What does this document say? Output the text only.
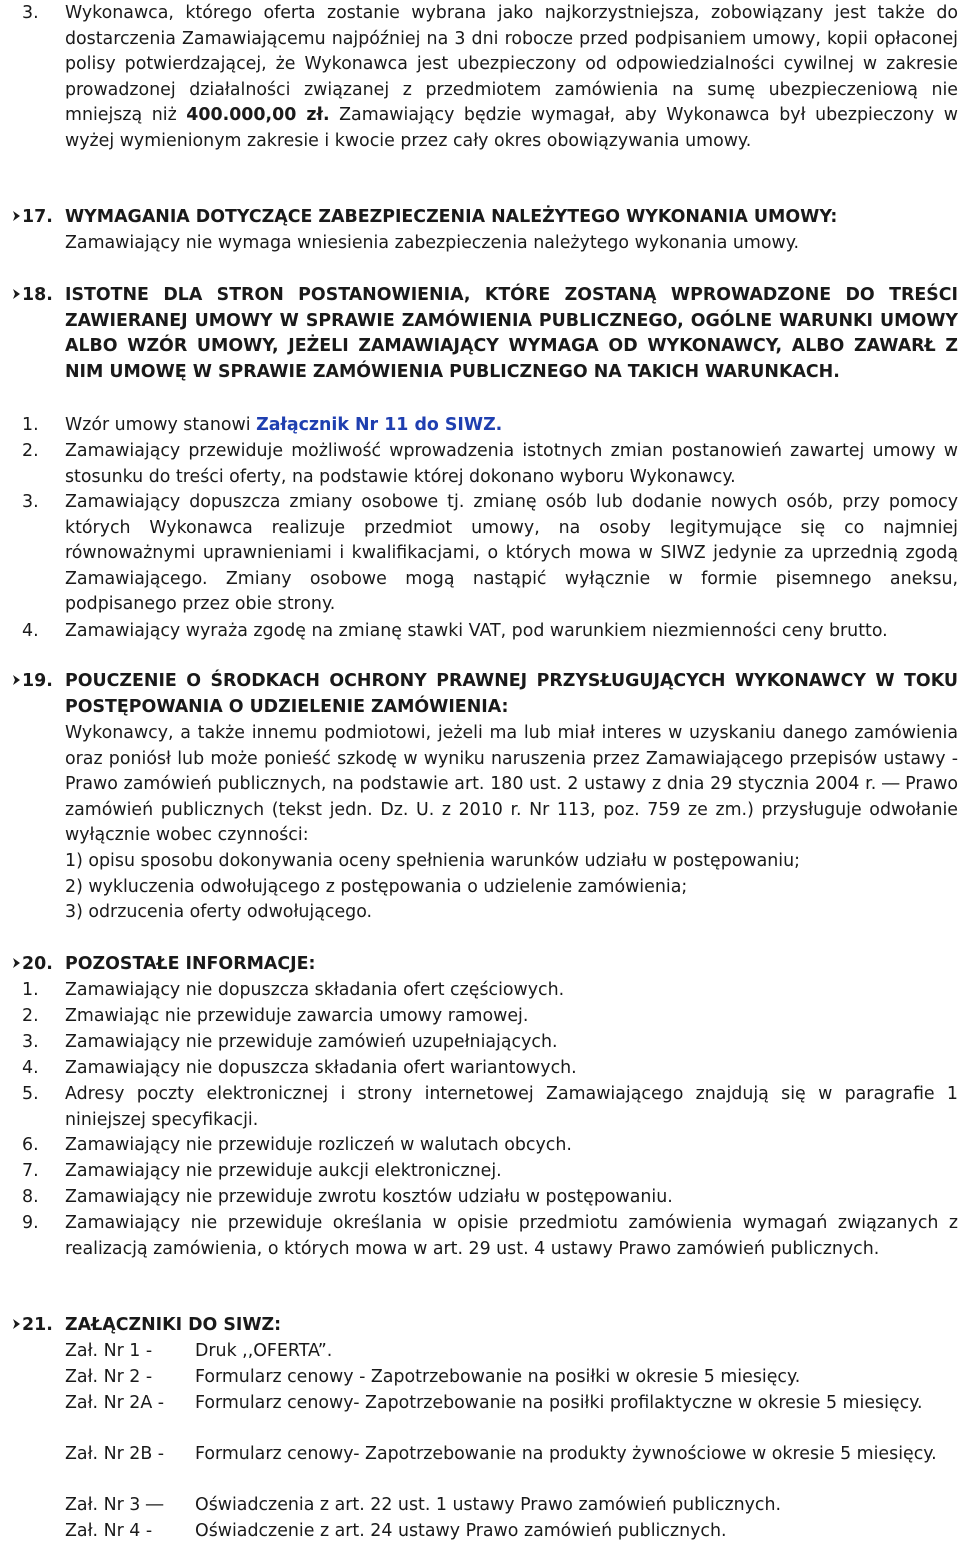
3. Wykonawca, którego oferta zostanie wybrana jako najkorzystniejsza, zobowiązany jest także do dostarczenia Zamawiającemu najpóźniej na 3 dni robocze przed podpisaniem umowy, kopii opłaconej polisy potwierdzającej, że Wykonawca jest ubezpieczony od odpowiedzialności cywilnej w zakresie prowadzonej działalności związanej z przedmiotem zamówienia na sumę ubezpieczeniową nie mniejszą niż 400.000,00 zł. Zamawiający będzie wymagał, aby Wykonawca był ubezpieczony w wyżej wymienionym zakresie i kwocie przez cały okres obowiązywania umowy.
17. WYMAGANIA DOTYCZĄCE ZABEZPIECZENIA NALEŻYTEGO WYKONANIA UMOWY:
Zamawiający nie wymaga wniesienia zabezpieczenia należytego wykonania umowy.
18. ISTOTNE DLA STRON POSTANOWIENIA, KTÓRE ZOSTANĄ WPROWADZONE DO TREŚCI ZAWIERANEJ UMOWY W SPRAWIE ZAMÓWIENIA PUBLICZNEGO, OGÓLNE WARUNKI UMOWY ALBO WZÓR UMOWY, JEŻELI ZAMAWIAJĄCY WYMAGA OD WYKONAWCY, ALBO ZAWARŁ Z NIM UMOWĘ W SPRAWIE ZAMÓWIENIA PUBLICZNEGO NA TAKICH WARUNKACH.
1. Wzór umowy stanowi Załącznik Nr 11 do SIWZ.
2. Zamawiający przewiduje możliwość wprowadzenia istotnych zmian postanowień zawartej umowy w stosunku do treści oferty, na podstawie której dokonano wyboru Wykonawcy.
3. Zamawiający dopuszcza zmiany osobowe tj. zmianę osób lub dodanie nowych osób, przy pomocy których Wykonawca realizuje przedmiot umowy, na osoby legitymujące się co najmniej równoważnymi uprawnieniami i kwalifikacjami, o których mowa w SIWZ jedynie za uprzednią zgodą Zamawiającego. Zmiany osobowe mogą nastąpić wyłącznie w formie pisemnego aneksu, podpisanego przez obie strony.
4. Zamawiający wyraża zgodę na zmianę stawki VAT, pod warunkiem niezmienności ceny brutto.
19. POUCZENIE O ŚRODKACH OCHRONY PRAWNEJ PRZYSŁUGUJĄCYCH WYKONAWCY W TOKU POSTĘPOWANIA O UDZIELENIE ZAMÓWIENIA:
Wykonawcy, a także innemu podmiotowi, jeżeli ma lub miał interes w uzyskaniu danego zamówienia oraz poniósł lub może ponieść szkodę w wyniku naruszenia przez Zamawiającego przepisów ustawy - Prawo zamówień publicznych, na podstawie art. 180 ust. 2 ustawy z dnia 29 stycznia 2004 r. ― Prawo zamówień publicznych (tekst jedn. Dz. U. z 2010 r. Nr 113, poz. 759 ze zm.) przysługuje odwołanie wyłącznie wobec czynności:
1) opisu sposobu dokonywania oceny spełnienia warunków udziału w postępowaniu;
2) wykluczenia odwołującego z postępowania o udzielenie zamówienia;
3) odrzucenia oferty odwołującego.
20. POZOSTAŁE INFORMACJE:
1. Zamawiający nie dopuszcza składania ofert częściowych.
2. Zmawiając nie przewiduje zawarcia umowy ramowej.
3. Zamawiający nie przewiduje zamówień uzupełniających.
4. Zamawiający nie dopuszcza składania ofert wariantowych.
5. Adresy poczty elektronicznej i strony internetowej Zamawiającego znajdują się w paragrafie 1 niniejszej specyfikacji.
6. Zamawiający nie przewiduje rozliczeń w walutach obcych.
7. Zamawiający nie przewiduje aukcji elektronicznej.
8. Zamawiający nie przewiduje zwrotu kosztów udziału w postępowaniu.
9. Zamawiający nie przewiduje określania w opisie przedmiotu zamówienia wymagań związanych z realizacją zamówienia, o których mowa w art. 29 ust. 4 ustawy Prawo zamówień publicznych.
21. ZAŁĄCZNIKI DO SIWZ:
Zał. Nr 1 - Druk ,,OFERTA”.
Zał. Nr 2 - Formularz cenowy - Zapotrzebowanie na posiłki w okresie 5 miesięcy.
Zał. Nr 2A - Formularz cenowy- Zapotrzebowanie na posiłki profilaktyczne w okresie 5 miesięcy.
Zał. Nr 2B - Formularz cenowy- Zapotrzebowanie na produkty żywnościowe w okresie 5 miesięcy.
Zał. Nr 3 ― Oświadczenia z art. 22 ust. 1 ustawy Prawo zamówień publicznych.
Zał. Nr 4 - Oświadczenie z art. 24 ustawy Prawo zamówień publicznych.
